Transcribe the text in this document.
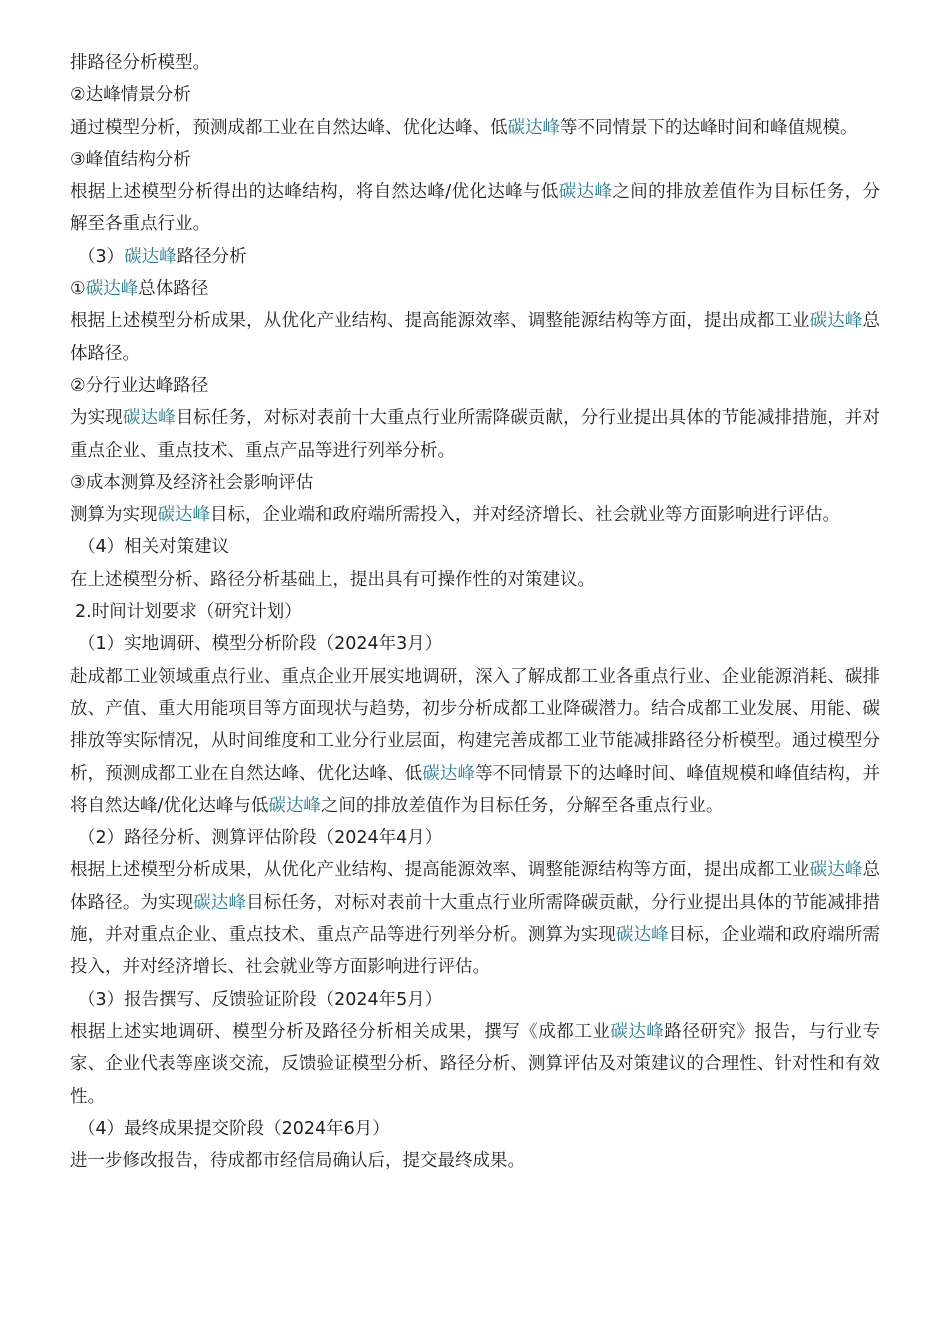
排路径分析模型。

②达峰情景分析

通过模型分析，预测成都工业在自然达峰、优化达峰、低碳达峰等不同情景下的达峰时间和峰值规模。

③峰值结构分析

根据上述模型分析得出的达峰结构，将自然达峰/优化达峰与低碳达峰之间的排放差值作为目标任务，分解至各重点行业。

（3）碳达峰路径分析

①碳达峰总体路径

根据上述模型分析成果，从优化产业结构、提高能源效率、调整能源结构等方面，提出成都工业碳达峰总体路径。

②分行业达峰路径

为实现碳达峰目标任务，对标对表前十大重点行业所需降碳贡献，分行业提出具体的节能减排措施，并对重点企业、重点技术、重点产品等进行列举分析。

③成本测算及经济社会影响评估

测算为实现碳达峰目标，企业端和政府端所需投入，并对经济增长、社会就业等方面影响进行评估。

（4）相关对策建议

在上述模型分析、路径分析基础上，提出具有可操作性的对策建议。

2.时间计划要求（研究计划）

（1）实地调研、模型分析阶段（2024年3月）

赴成都工业领域重点行业、重点企业开展实地调研，深入了解成都工业各重点行业、企业能源消耗、碳排放、产值、重大用能项目等方面现状与趋势，初步分析成都工业降碳潜力。结合成都工业发展、用能、碳排放等实际情况，从时间维度和工业分行业层面，构建完善成都工业节能减排路径分析模型。通过模型分析，预测成都工业在自然达峰、优化达峰、低碳达峰等不同情景下的达峰时间、峰值规模和峰值结构，并将自然达峰/优化达峰与低碳达峰之间的排放差值作为目标任务，分解至各重点行业。

（2）路径分析、测算评估阶段（2024年4月）

根据上述模型分析成果，从优化产业结构、提高能源效率、调整能源结构等方面，提出成都工业碳达峰总体路径。为实现碳达峰目标任务，对标对表前十大重点行业所需降碳贡献，分行业提出具体的节能减排措施，并对重点企业、重点技术、重点产品等进行列举分析。测算为实现碳达峰目标，企业端和政府端所需投入，并对经济增长、社会就业等方面影响进行评估。

（3）报告撰写、反馈验证阶段（2024年5月）

根据上述实地调研、模型分析及路径分析相关成果，撰写《成都工业碳达峰路径研究》报告，与行业专家、企业代表等座谈交流，反馈验证模型分析、路径分析、测算评估及对策建议的合理性、针对性和有效性。

（4）最终成果提交阶段（2024年6月）

进一步修改报告，待成都市经信局确认后，提交最终成果。
